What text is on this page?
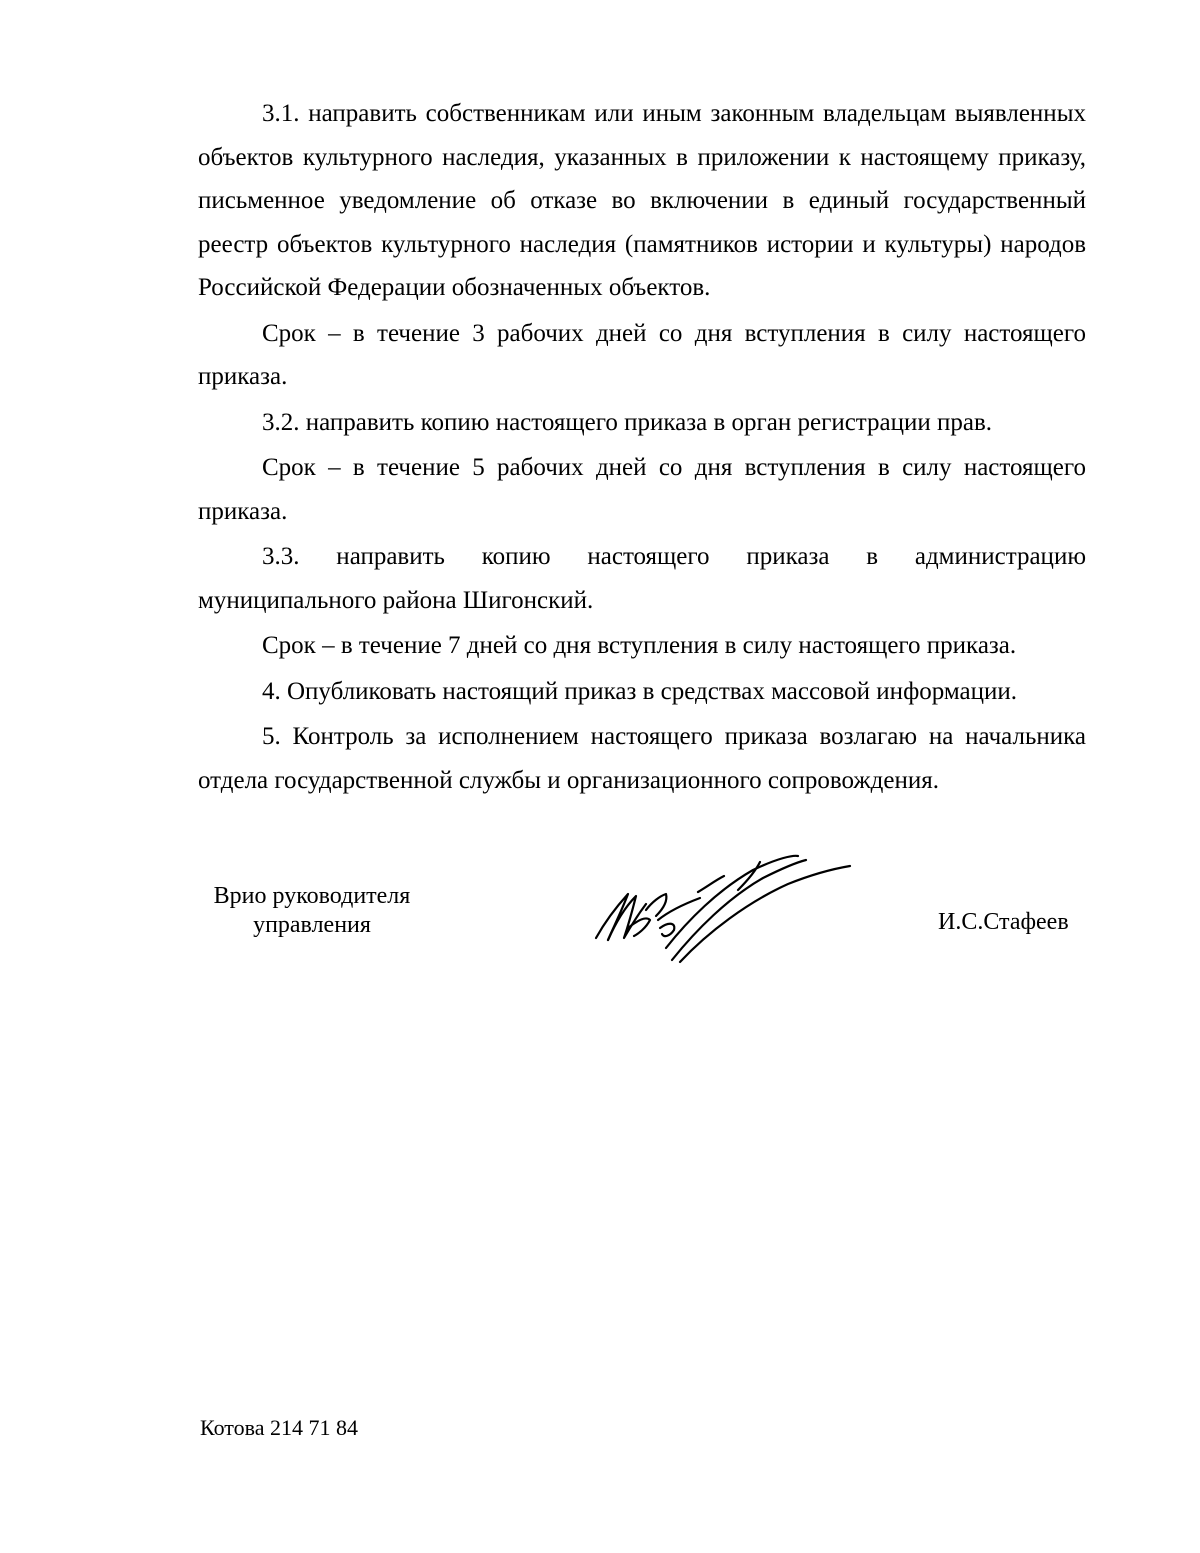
3.1. направить собственникам или иным законным владельцам выявленных объектов культурного наследия, указанных в приложении к настоящему приказу, письменное уведомление об отказе во включении в единый государственный реестр объектов культурного наследия (памятников истории и культуры) народов Российской Федерации обозначенных объектов.

Срок – в течение 3 рабочих дней со дня вступления в силу настоящего приказа.

3.2. направить копию настоящего приказа в орган регистрации прав.

Срок – в течение 5 рабочих дней со дня вступления в силу настоящего приказа.

3.3. направить копию настоящего приказа в администрацию муниципального района Шигонский.

Срок – в течение 7 дней со дня вступления в силу настоящего приказа.

4. Опубликовать настоящий приказ в средствах массовой информации.

5. Контроль за исполнением настоящего приказа возлагаю на начальника отдела государственной службы и организационного сопровождения.

Врио руководителя
управления	И.С.Стафеев
Котова 214 71 84
